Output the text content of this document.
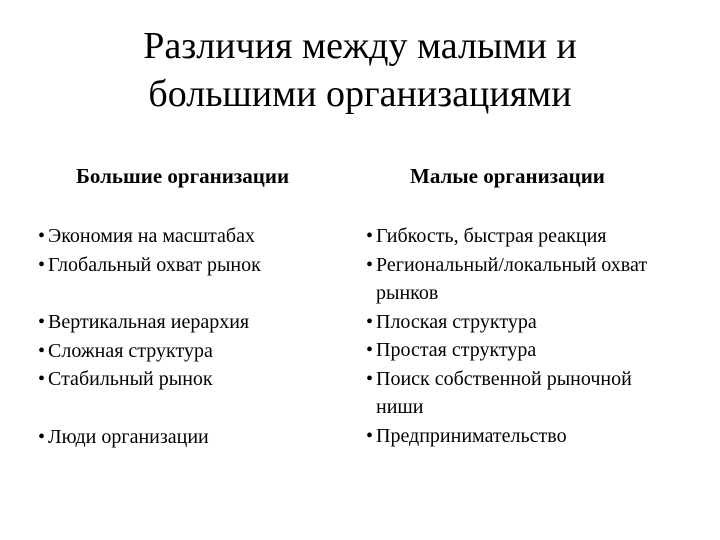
Различия между малыми и
большими организациями
Большие организации	Малые организации
• Экономия на масштабах
• Глобальный охват рынок
• Вертикальная иерархия
• Сложная структура
• Стабильный рынок
• Люди организации
• Гибкость, быстрая реакция
• Региональный/локальный охват рынков
• Плоская структура
• Простая структура
• Поиск собственной рыночной ниши
• Предпринимательство
